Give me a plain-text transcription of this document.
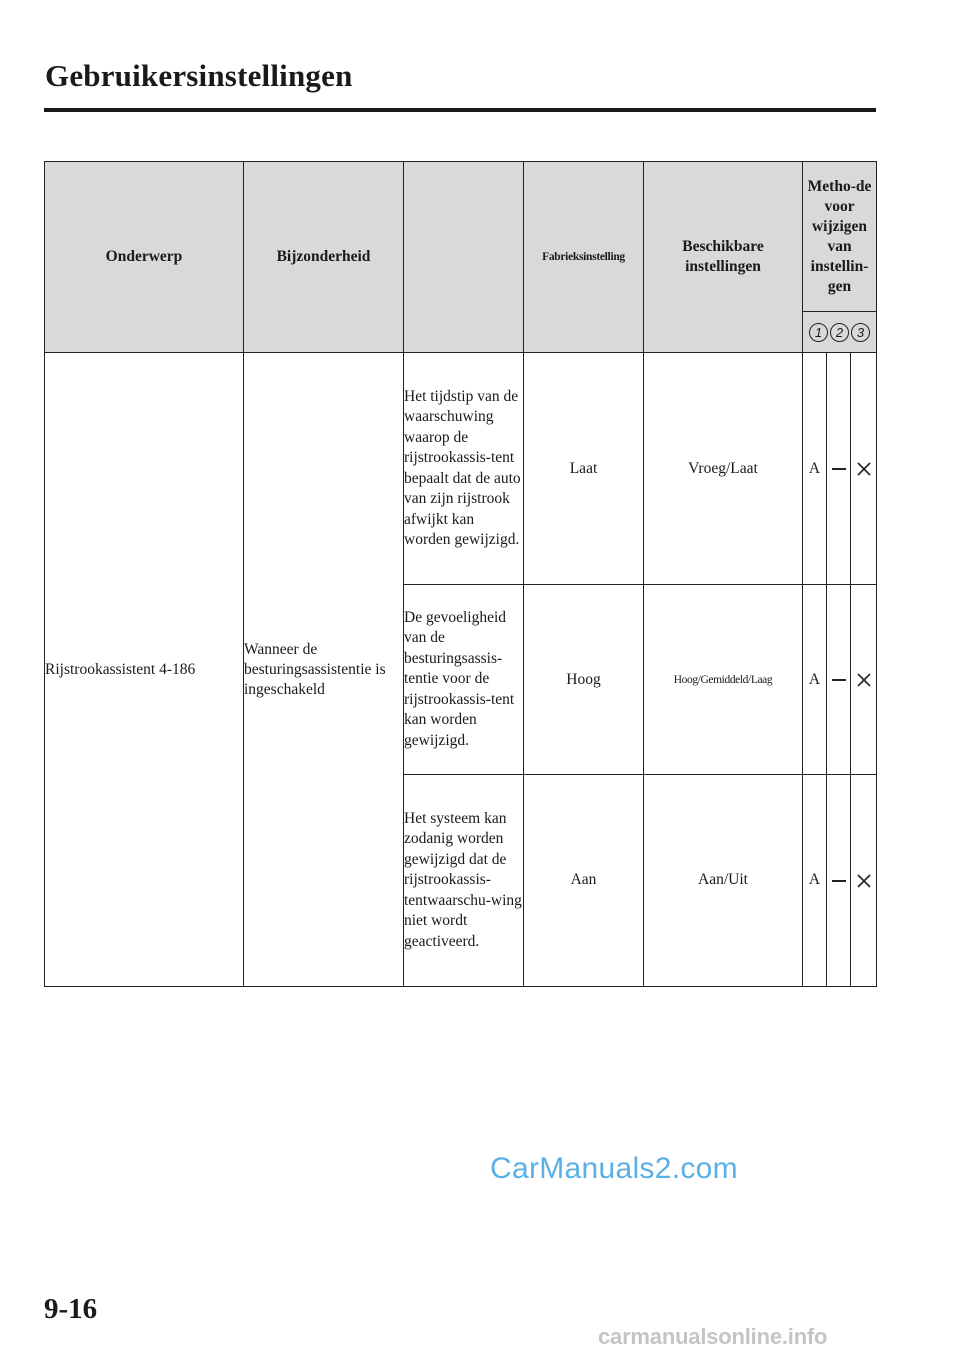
Gebruikersinstellingen
Onderwerp	Bijzonderheid		Fabrieksinstelling	Beschikbare instellingen	Metho-de voor wijzigen van instellin-gen		

					1 2 3		

Rijstrookassistent 4-186	Wanneer de besturingsassistentie is ingeschakeld	Het tijdstip van de waarschuwing waarop de rijstrookassis-tent bepaalt dat de auto van zijn rijstrook afwijkt kan worden gewijzigd.	Laat	Vroeg/Laat	A		
		De gevoeligheid van de besturingsassis-tentie voor de rijstrookassis-tent kan worden gewijzigd.	Hoog	Hoog/Gemiddeld/Laag	A		
		Het systeem kan zodanig worden gewijzigd dat de rijstrookassis-tentwaarschu-wing niet wordt geactiveerd.	Aan	Aan/Uit	A		
CarManuals2.com
9-16
carmanualsonline.info
